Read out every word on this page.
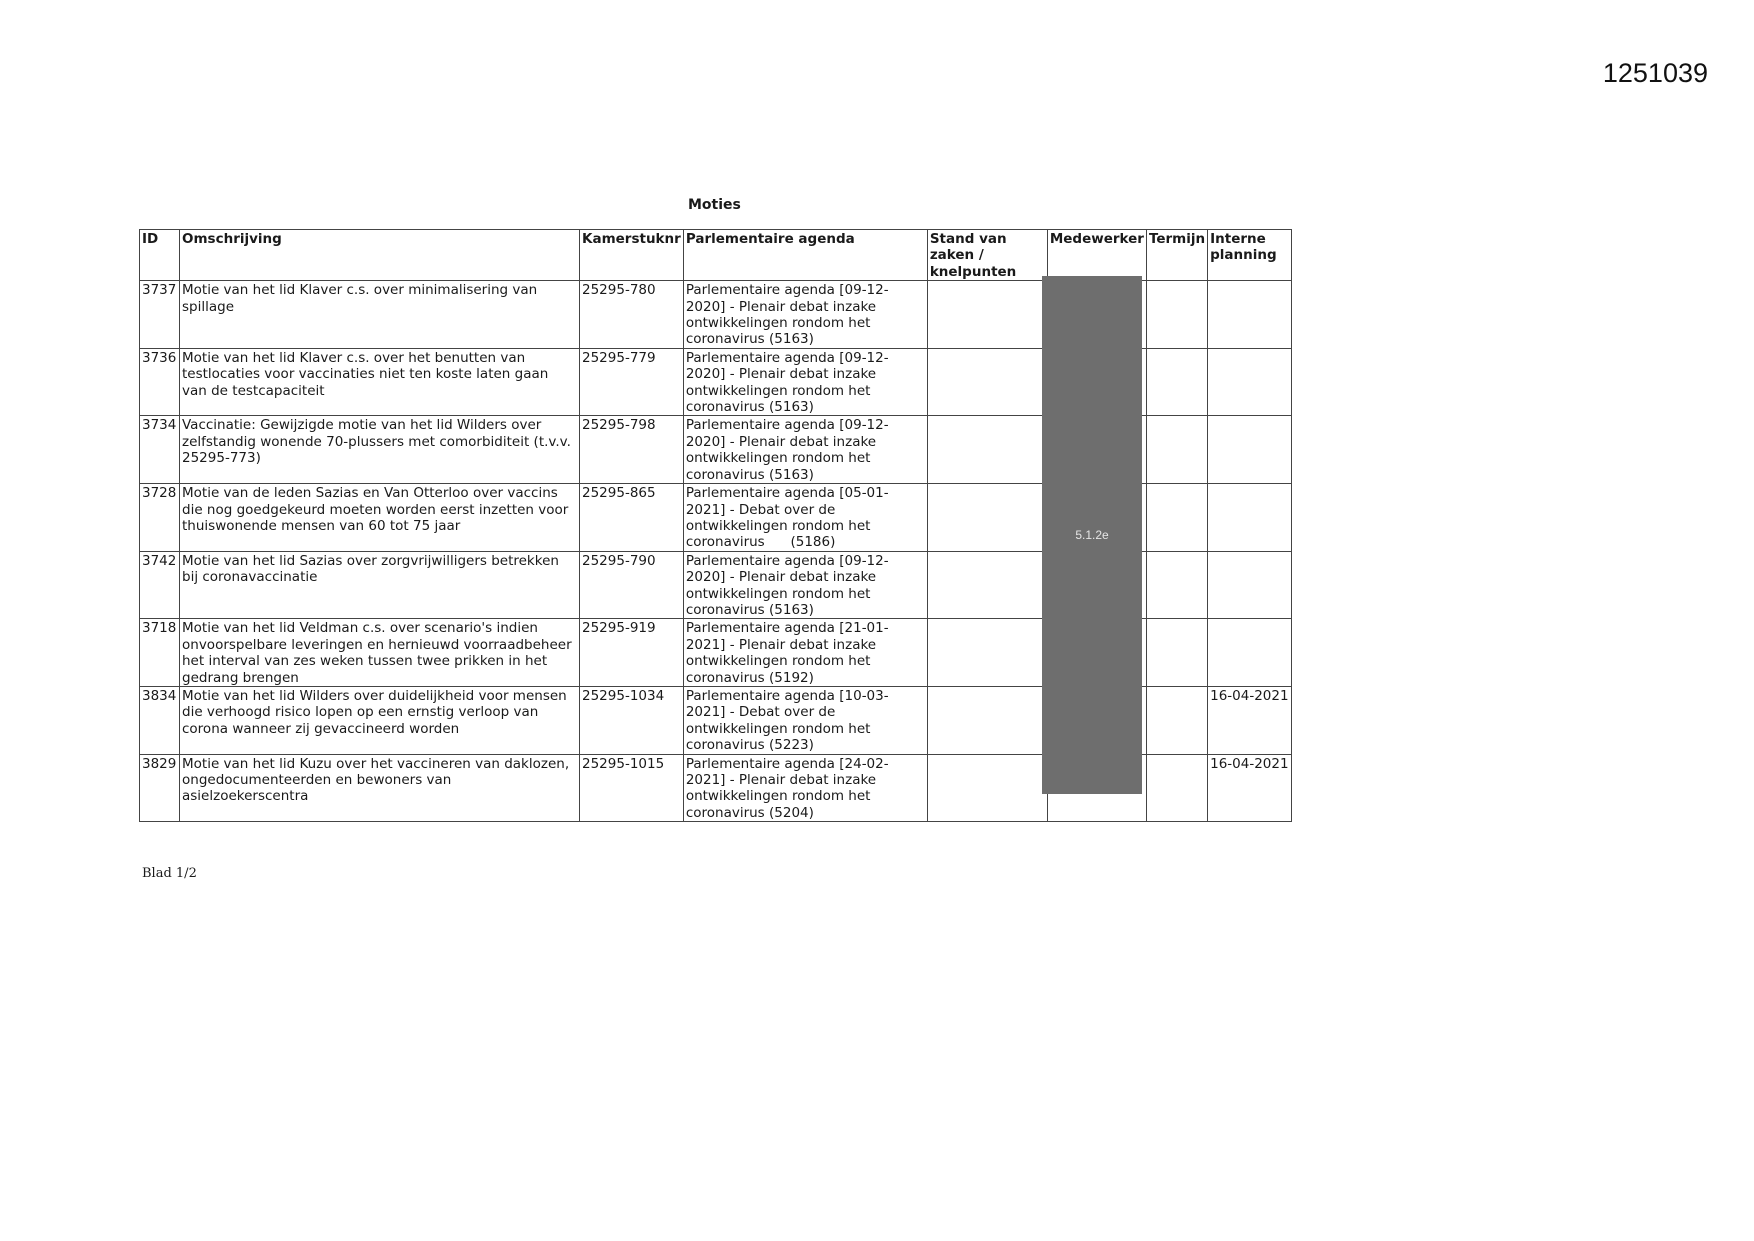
1251039
Moties
ID	Omschrijving	Kamerstuknr	Parlementaire agenda	Stand van zaken / knelpunten	Medewerker	Termijn	Interne planning
3737	Motie van het lid Klaver c.s. over minimalisering van spillage	25295-780	Parlementaire agenda [09-12-2020] - Plenair debat inzake ontwikkelingen rondom het coronavirus (5163)				
3736	Motie van het lid Klaver c.s. over het benutten van testlocaties voor vaccinaties niet ten koste laten gaan van de testcapaciteit	25295-779	Parlementaire agenda [09-12-2020] - Plenair debat inzake ontwikkelingen rondom het coronavirus (5163)				
3734	Vaccinatie: Gewijzigde motie van het lid Wilders over zelfstandig wonende 70-plussers met comorbiditeit (t.v.v. 25295-773)	25295-798	Parlementaire agenda [09-12-2020] - Plenair debat inzake ontwikkelingen rondom het coronavirus (5163)				
3728	Motie van de leden Sazias en Van Otterloo over vaccins die nog goedgekeurd moeten worden eerst inzetten voor thuiswonende mensen van 60 tot 75 jaar	25295-865	Parlementaire agenda [05-01-2021] - Debat over de ontwikkelingen rondom het coronavirus      (5186)				
3742	Motie van het lid Sazias over zorgvrijwilligers betrekken bij coronavaccinatie	25295-790	Parlementaire agenda [09-12-2020] - Plenair debat inzake ontwikkelingen rondom het coronavirus (5163)				
3718	Motie van het lid Veldman c.s. over scenario's indien onvoorspelbare leveringen en hernieuwd voorraadbeheer het interval van zes weken tussen twee prikken in het gedrang brengen	25295-919	Parlementaire agenda [21-01-2021] - Plenair debat inzake ontwikkelingen rondom het coronavirus (5192)				
3834	Motie van het lid Wilders over duidelijkheid voor mensen die verhoogd risico lopen op een ernstig verloop van corona wanneer zij gevaccineerd worden	25295-1034	Parlementaire agenda [10-03-2021] - Debat over de ontwikkelingen rondom het coronavirus (5223)				16-04-2021
3829	Motie van het lid Kuzu over het vaccineren van daklozen, ongedocumenteerden en bewoners van asielzoekerscentra	25295-1015	Parlementaire agenda [24-02-2021] - Plenair debat inzake ontwikkelingen rondom het coronavirus (5204)				16-04-2021
5.1.2e
Blad 1/2
